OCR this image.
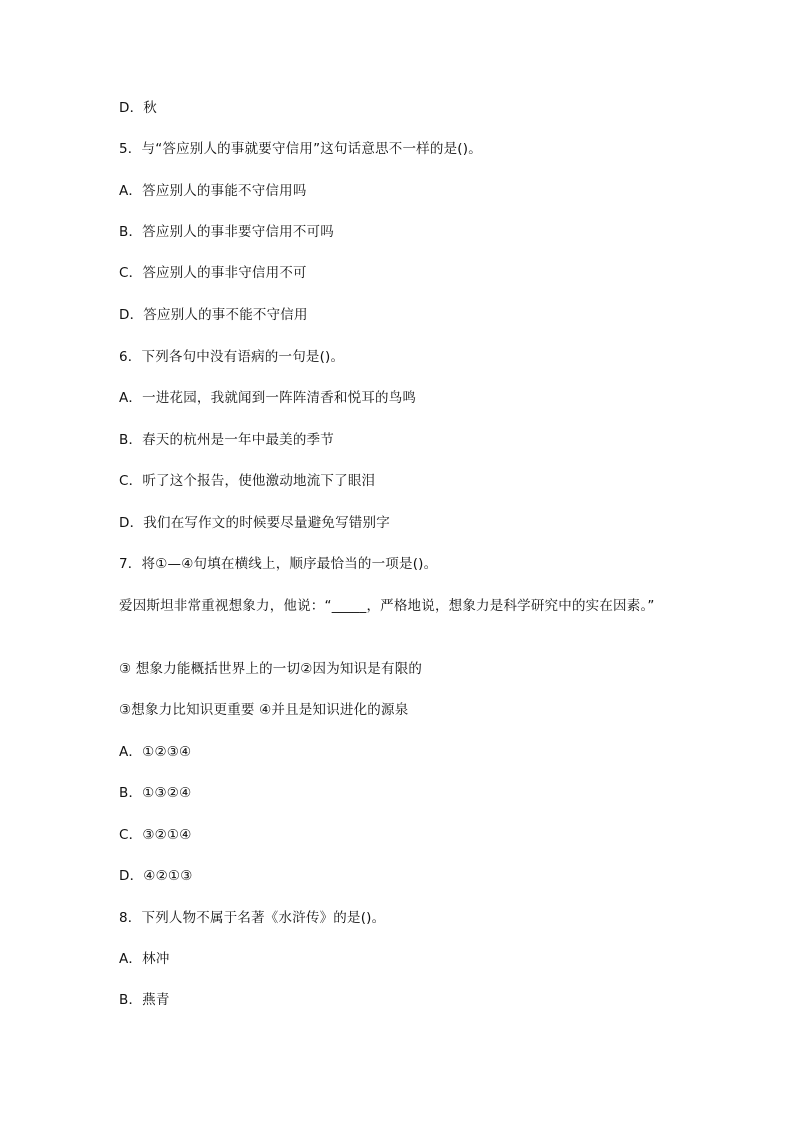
D．秋
5．与“答应别人的事就要守信用”这句话意思不一样的是()。
A．答应别人的事能不守信用吗
B．答应别人的事非要守信用不可吗
C．答应别人的事非守信用不可
D．答应别人的事不能不守信用
6．下列各句中没有语病的一句是()。
A．一进花园，我就闻到一阵阵清香和悦耳的鸟鸣
B．春天的杭州是一年中最美的季节
C．听了这个报告，使他激动地流下了眼泪
D．我们在写作文的时候要尽量避免写错别字
7．将①—④句填在横线上，顺序最恰当的一项是()。
爱因斯坦非常重视想象力，他说：“_____，严格地说，想象力是科学研究中的实在因素。”
③ 想象力能概括世界上的一切②因为知识是有限的
③想象力比知识更重要 ④并且是知识进化的源泉
A．①②③④
B．①③②④
C．③②①④
D．④②①③
8．下列人物不属于名著《水浒传》的是()。
A．林冲
B．燕青
